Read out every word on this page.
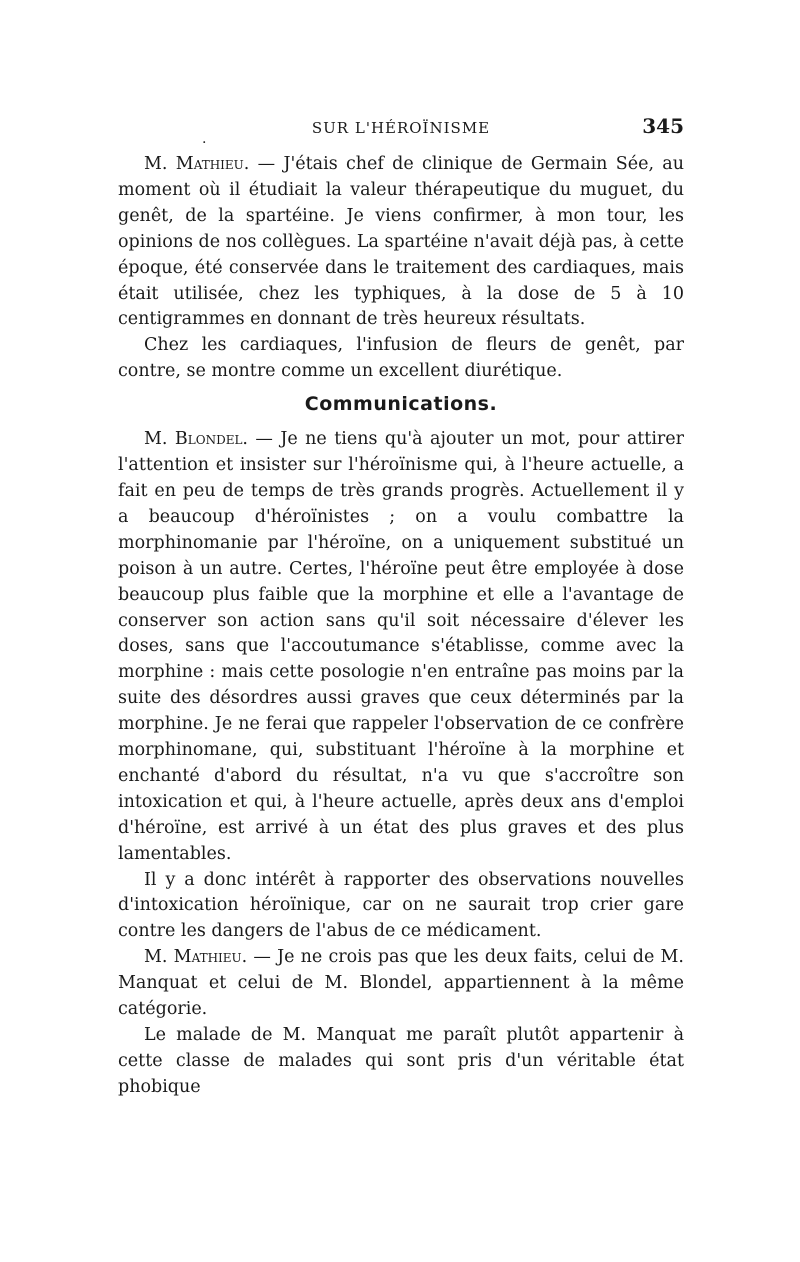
.
SUR L'HÉROÏNISME	345

M. Mathieu. — J'étais chef de clinique de Germain Sée, au moment où il étudiait la valeur thérapeutique du muguet, du genêt, de la spartéine. Je viens confirmer, à mon tour, les opinions de nos collègues. La spartéine n'avait déjà pas, à cette époque, été conservée dans le traitement des cardiaques, mais était utilisée, chez les typhiques, à la dose de 5 à 10 centigrammes en donnant de très heureux résultats.

Chez les cardiaques, l'infusion de fleurs de genêt, par contre, se montre comme un excellent diurétique.

Communications.

M. Blondel. — Je ne tiens qu'à ajouter un mot, pour attirer l'attention et insister sur l'héroïnisme qui, à l'heure actuelle, a fait en peu de temps de très grands progrès. Actuellement il y a beaucoup d'héroïnistes ; on a voulu combattre la morphinomanie par l'héroïne, on a uniquement substitué un poison à un autre. Certes, l'héroïne peut être employée à dose beaucoup plus faible que la morphine et elle a l'avantage de conserver son action sans qu'il soit nécessaire d'élever les doses, sans que l'accoutumance s'établisse, comme avec la morphine : mais cette posologie n'en entraîne pas moins par la suite des désordres aussi graves que ceux déterminés par la morphine. Je ne ferai que rappeler l'observation de ce confrère morphinomane, qui, substituant l'héroïne à la morphine et enchanté d'abord du résultat, n'a vu que s'accroître son intoxication et qui, à l'heure actuelle, après deux ans d'emploi d'héroïne, est arrivé à un état des plus graves et des plus lamentables.

Il y a donc intérêt à rapporter des observations nouvelles d'intoxication héroïnique, car on ne saurait trop crier gare contre les dangers de l'abus de ce médicament.

M. Mathieu. — Je ne crois pas que les deux faits, celui de M. Manquat et celui de M. Blondel, appartiennent à la même catégorie.

Le malade de M. Manquat me paraît plutôt appartenir à cette classe de malades qui sont pris d'un véritable état phobique
